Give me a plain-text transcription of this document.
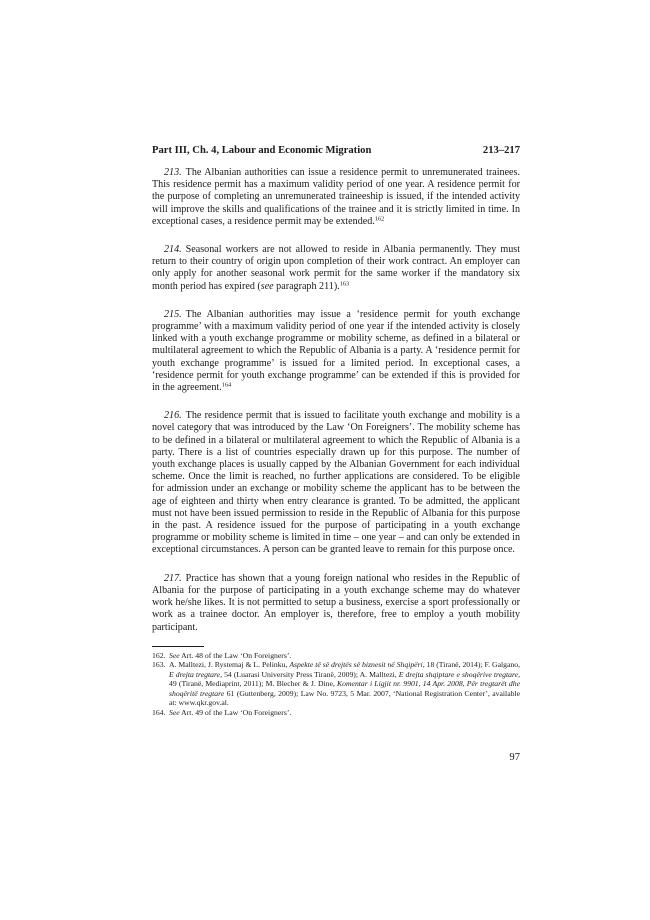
Part III, Ch. 4, Labour and Economic Migration	213–217

213. The Albanian authorities can issue a residence permit to unremunerated trainees. This residence permit has a maximum validity period of one year. A residence permit for the purpose of completing an unremunerated traineeship is issued, if the intended activity will improve the skills and qualifications of the trainee and it is strictly limited in time. In exceptional cases, a residence permit may be extended.$^{162}$

214. Seasonal workers are not allowed to reside in Albania permanently. They must return to their country of origin upon completion of their work contract. An employer can only apply for another seasonal work permit for the same worker if the mandatory six month period has expired (see paragraph 211).$^{163}$

215. The Albanian authorities may issue a ‘residence permit for youth exchange programme’ with a maximum validity period of one year if the intended activity is closely linked with a youth exchange programme or mobility scheme, as defined in a bilateral or multilateral agreement to which the Republic of Albania is a party. A ‘residence permit for youth exchange programme’ is issued for a limited period. In exceptional cases, a ‘residence permit for youth exchange programme’ can be extended if this is provided for in the agreement.$^{164}$

216. The residence permit that is issued to facilitate youth exchange and mobility is a novel category that was introduced by the Law ‘On Foreigners’. The mobility scheme has to be defined in a bilateral or multilateral agreement to which the Republic of Albania is a party. There is a list of countries especially drawn up for this purpose. The number of youth exchange places is usually capped by the Albanian Government for each individual scheme. Once the limit is reached, no further applications are considered. To be eligible for admission under an exchange or mobility scheme the applicant has to be between the age of eighteen and thirty when entry clearance is granted. To be admitted, the applicant must not have been issued permission to reside in the Republic of Albania for this purpose in the past. A residence issued for the purpose of participating in a youth exchange programme or mobility scheme is limited in time – one year – and can only be extended in exceptional circumstances. A person can be granted leave to remain for this purpose once.

217. Practice has shown that a young foreign national who resides in the Republic of Albania for the purpose of participating in a youth exchange scheme may do whatever work he/she likes. It is not permitted to setup a business, exercise a sport professionally or work as a trainee doctor. An employer is, therefore, free to employ a youth mobility participant.

162. See Art. 48 of the Law ‘On Foreigners’.
163. A. Malltezi, J. Rystemaj & L. Pelinku, Aspekte të së drejtës së biznesit në Shqipëri, 18 (Tiranë, 2014); F. Galgano, E drejta tregtare, 54 (Luarasi University Press Tiranë, 2009); A. Malltezi, E drejta shqiptare e shoqërive tregtare, 49 (Tiranë, Mediaprint, 2011); M. Blecher & J. Dine, Komentar i Ligjit nr. 9901, 14 Apr. 2008, Për tregtarët dhe shoqëritë tregtare 61 (Guttenberg, 2009); Law No. 9723, 5 Mar. 2007, ‘National Registration Center’, available at: www.qkr.gov.al.
164. See Art. 49 of the Law ‘On Foreigners’.
97
